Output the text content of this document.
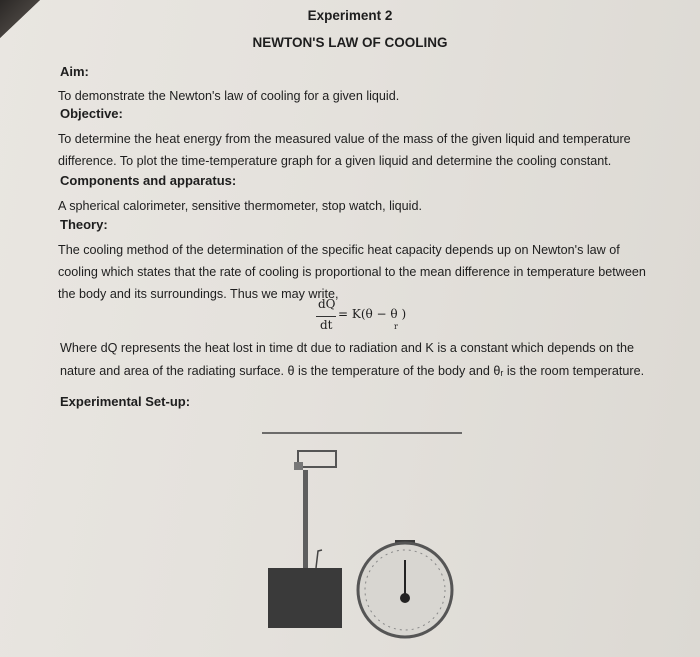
Experiment 2
NEWTON'S LAW OF COOLING
Aim:
To demonstrate the Newton's law of cooling for a given liquid.
Objective:
To determine the heat energy from the measured value of the mass of the given liquid and temperature
difference. To plot the time-temperature graph for a given liquid and determine the cooling constant.
Components and apparatus:
A spherical calorimeter, sensitive thermometer, stop watch, liquid.
Theory:
The cooling method of the determination of the specific heat capacity depends up on Newton's law of
cooling which states that the rate of cooling is proportional to the mean difference in temperature between
the body and its surroundings. Thus we may write,
dQ
dt
= K(θ − θ )
r
Where dQ represents the heat lost in time dt due to radiation and K is a constant which depends on the
nature and area of the radiating surface. θ is the temperature of the body and θᵣ is the room temperature.
Experimental Set-up:
